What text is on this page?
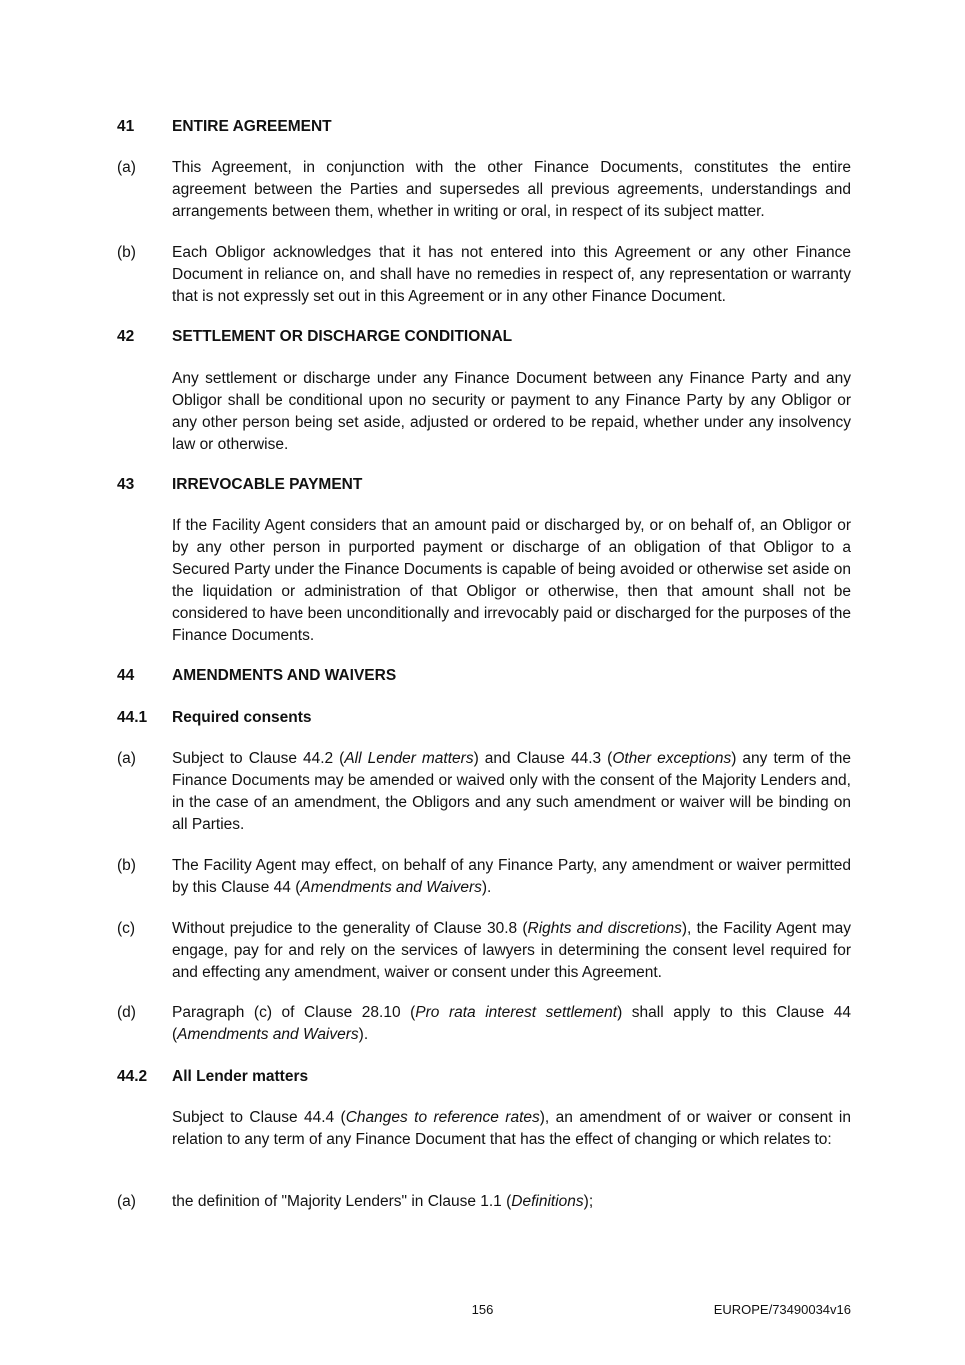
41	ENTIRE AGREEMENT
(a)	This Agreement, in conjunction with the other Finance Documents, constitutes the entire agreement between the Parties and supersedes all previous agreements, understandings and arrangements between them, whether in writing or oral, in respect of its subject matter.
(b)	Each Obligor acknowledges that it has not entered into this Agreement or any other Finance Document in reliance on, and shall have no remedies in respect of, any representation or warranty that is not expressly set out in this Agreement or in any other Finance Document.
42	SETTLEMENT OR DISCHARGE CONDITIONAL
Any settlement or discharge under any Finance Document between any Finance Party and any Obligor shall be conditional upon no security or payment to any Finance Party by any Obligor or any other person being set aside, adjusted or ordered to be repaid, whether under any insolvency law or otherwise.
43	IRREVOCABLE PAYMENT
If the Facility Agent considers that an amount paid or discharged by, or on behalf of, an Obligor or by any other person in purported payment or discharge of an obligation of that Obligor to a Secured Party under the Finance Documents is capable of being avoided or otherwise set aside on the liquidation or administration of that Obligor or otherwise, then that amount shall not be considered to have been unconditionally and irrevocably paid or discharged for the purposes of the Finance Documents.
44	AMENDMENTS AND WAIVERS
44.1	Required consents
(a)	Subject to Clause 44.2 (All Lender matters) and Clause 44.3 (Other exceptions) any term of the Finance Documents may be amended or waived only with the consent of the Majority Lenders and, in the case of an amendment, the Obligors and any such amendment or waiver will be binding on all Parties.
(b)	The Facility Agent may effect, on behalf of any Finance Party, any amendment or waiver permitted by this Clause 44 (Amendments and Waivers).
(c)	Without prejudice to the generality of Clause 30.8 (Rights and discretions), the Facility Agent may engage, pay for and rely on the services of lawyers in determining the consent level required for and effecting any amendment, waiver or consent under this Agreement.
(d)	Paragraph (c) of Clause 28.10 (Pro rata interest settlement) shall apply to this Clause 44 (Amendments and Waivers).
44.2	All Lender matters
Subject to Clause 44.4 (Changes to reference rates), an amendment of or waiver or consent in relation to any term of any Finance Document that has the effect of changing or which relates to:
(a)	the definition of "Majority Lenders" in Clause 1.1 (Definitions);
156	EUROPE/73490034v16
